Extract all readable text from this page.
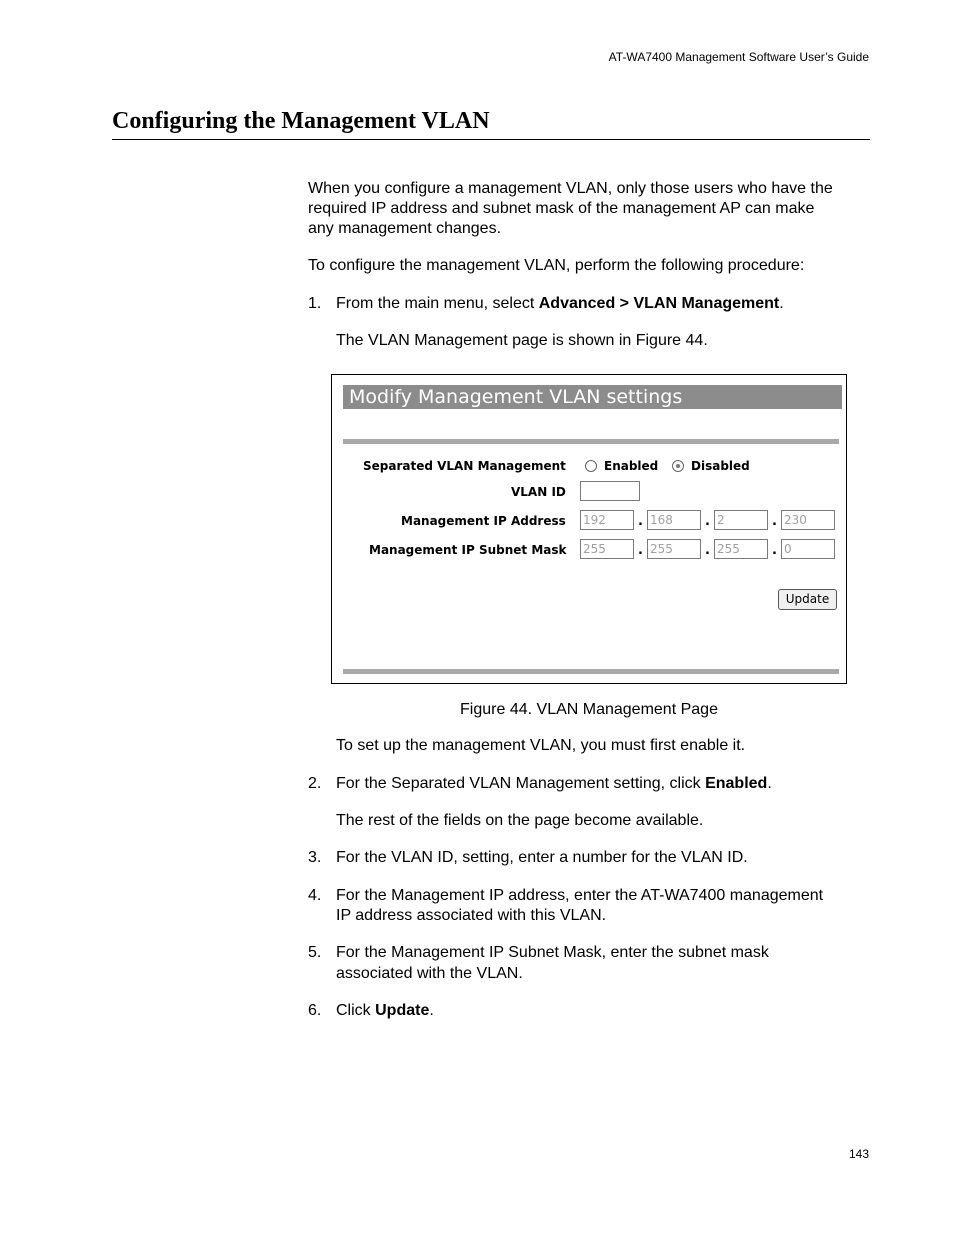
AT-WA7400 Management Software User’s Guide
Configuring the Management VLAN
When you configure a management VLAN, only those users who have the
required IP address and subnet mask of the management AP can make
any management changes.
To configure the management VLAN, perform the following procedure:
1. From the main menu, select Advanced > VLAN Management.
The VLAN Management page is shown in Figure 44.
Modify Management VLAN settings
Separated VLAN Management	Enabled	Disabled
VLAN ID
Management IP Address 192	. 168	. 2	. 230
Management IP Subnet Mask 255	. 255	. 255	. 0
Update
Figure 44. VLAN Management Page
To set up the management VLAN, you must first enable it.
2. For the Separated VLAN Management setting, click Enabled.
The rest of the fields on the page become available.
3. For the VLAN ID, setting, enter a number for the VLAN ID.
4. For the Management IP address, enter the AT-WA7400 management
IP address associated with this VLAN.
5. For the Management IP Subnet Mask, enter the subnet mask
associated with the VLAN.
6. Click Update.
143
